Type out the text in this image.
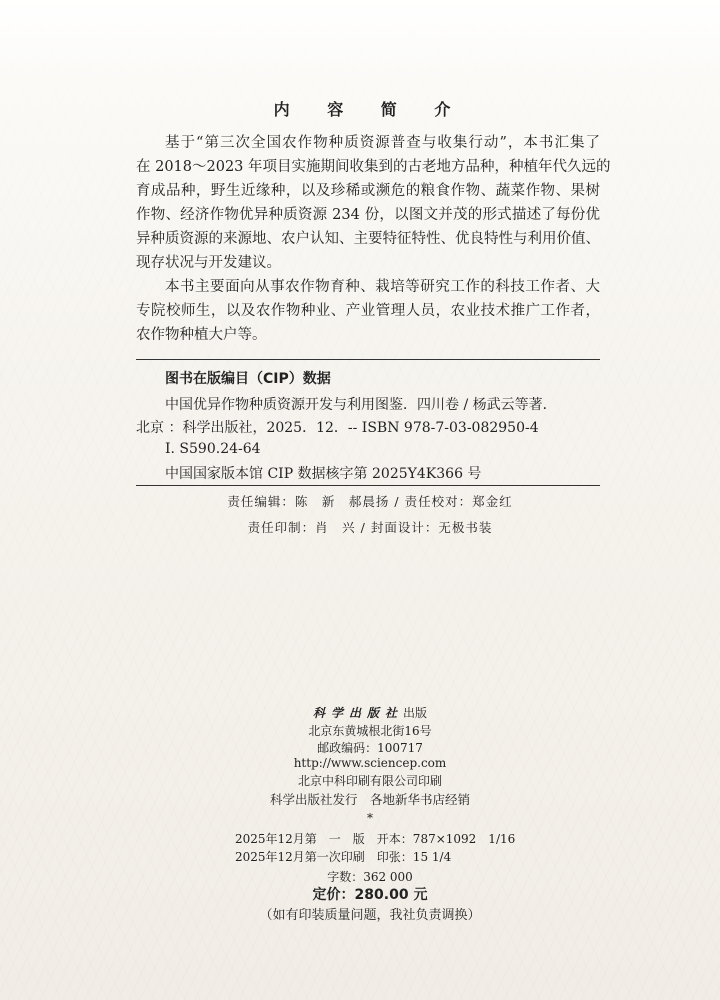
内 容 简 介
基于“第三次全国农作物种质资源普查与收集行动”，本书汇集了
在 2018～2023 年项目实施期间收集到的古老地方品种，种植年代久远的
育成品种，野生近缘种，以及珍稀或濒危的粮食作物、蔬菜作物、果树
作物、经济作物优异种质资源 234 份，以图文并茂的形式描述了每份优
异种质资源的来源地、农户认知、主要特征特性、优良特性与利用价值、
现存状况与开发建议。
本书主要面向从事农作物育种、栽培等研究工作的科技工作者、大
专院校师生，以及农作物种业、产业管理人员，农业技术推广工作者，
农作物种植大户等。
图书在版编目（CIP）数据
中国优异作物种质资源开发与利用图鉴．四川卷 / 杨武云等著．
北京 ：科学出版社，2025．12．-- ISBN 978-7-03-082950-4
Ⅰ. S590.24-64
中国国家版本馆 CIP 数据核字第 2025Y4K366 号
责任编辑：陈　新　郝晨扬 / 责任校对：郑金红
责任印制：肖　兴 / 封面设计：无极书装
科学出版社出版
北京东黄城根北街16号
邮政编码：100717
http://www.sciencep.com
北京中科印刷有限公司印刷
科学出版社发行　各地新华书店经销
*
2025年12月第　一　版　开本：787×1092　1/16
2025年12月第一次印刷　印张：15 1/4
字数：362 000
定价：280.00 元
（如有印装质量问题，我社负责调换）
